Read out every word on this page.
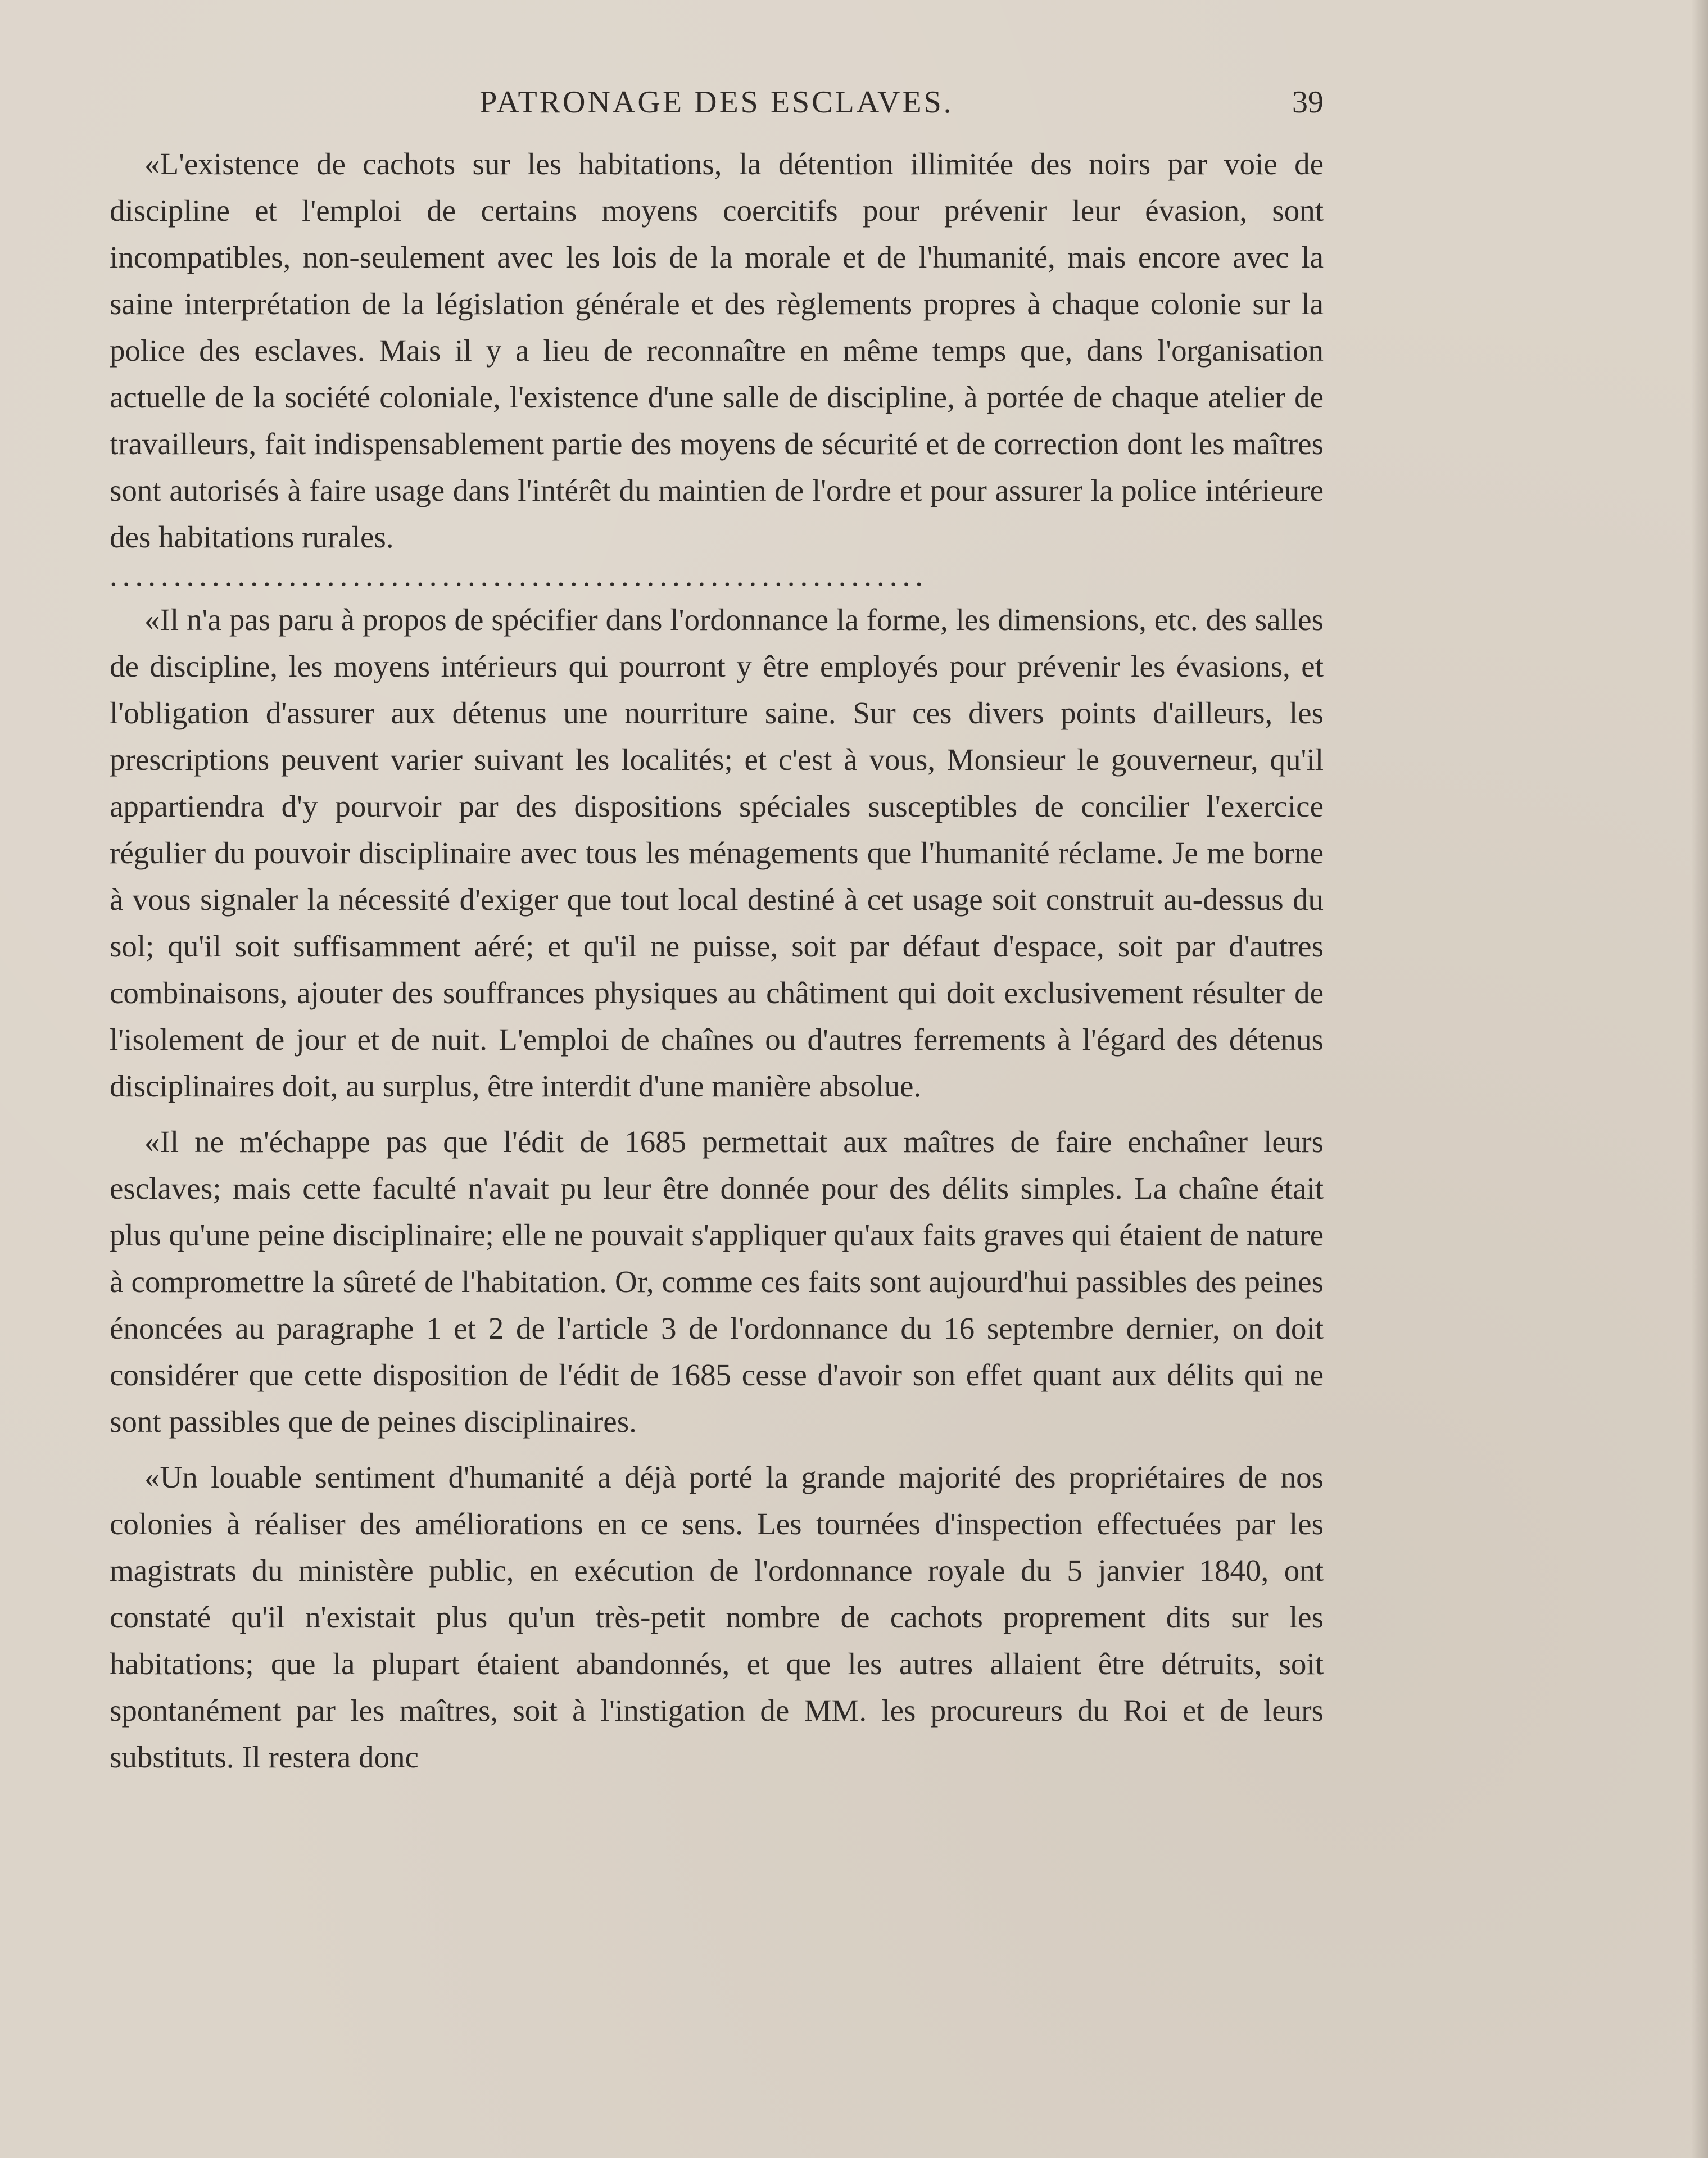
PATRONAGE DES ESCLAVES.	39

«L'existence de cachots sur les habitations, la détention illimitée des noirs par voie de discipline et l'emploi de certains moyens coercitifs pour prévenir leur évasion, sont incompatibles, non-seulement avec les lois de la morale et de l'humanité, mais encore avec la saine interprétation de la législation générale et des règlements propres à chaque colonie sur la police des esclaves. Mais il y a lieu de reconnaître en même temps que, dans l'organisation actuelle de la société coloniale, l'existence d'une salle de discipline, à portée de chaque atelier de travailleurs, fait indispensablement partie des moyens de sécurité et de correction dont les maîtres sont autorisés à faire usage dans l'intérêt du maintien de l'ordre et pour assurer la police intérieure des habitations rurales.

................................................................

«Il n'a pas paru à propos de spécifier dans l'ordonnance la forme, les dimensions, etc. des salles de discipline, les moyens intérieurs qui pourront y être employés pour prévenir les évasions, et l'obligation d'assurer aux détenus une nourriture saine. Sur ces divers points d'ailleurs, les prescriptions peuvent varier suivant les localités; et c'est à vous, Monsieur le gouverneur, qu'il appartiendra d'y pourvoir par des dispositions spéciales susceptibles de concilier l'exercice régulier du pouvoir disciplinaire avec tous les ménagements que l'humanité réclame. Je me borne à vous signaler la nécessité d'exiger que tout local destiné à cet usage soit construit au-dessus du sol; qu'il soit suffisamment aéré; et qu'il ne puisse, soit par défaut d'espace, soit par d'autres combinaisons, ajouter des souffrances physiques au châtiment qui doit exclusivement résulter de l'isolement de jour et de nuit. L'emploi de chaînes ou d'autres ferrements à l'égard des détenus disciplinaires doit, au surplus, être interdit d'une manière absolue.

«Il ne m'échappe pas que l'édit de 1685 permettait aux maîtres de faire enchaîner leurs esclaves; mais cette faculté n'avait pu leur être donnée pour des délits simples. La chaîne était plus qu'une peine disciplinaire; elle ne pouvait s'appliquer qu'aux faits graves qui étaient de nature à compromettre la sûreté de l'habitation. Or, comme ces faits sont aujourd'hui passibles des peines énoncées au paragraphe 1 et 2 de l'article 3 de l'ordonnance du 16 septembre dernier, on doit considérer que cette disposition de l'édit de 1685 cesse d'avoir son effet quant aux délits qui ne sont passibles que de peines disciplinaires.

«Un louable sentiment d'humanité a déjà porté la grande majorité des propriétaires de nos colonies à réaliser des améliorations en ce sens. Les tournées d'inspection effectuées par les magistrats du ministère public, en exécution de l'ordonnance royale du 5 janvier 1840, ont constaté qu'il n'existait plus qu'un très-petit nombre de cachots proprement dits sur les habitations; que la plupart étaient abandonnés, et que les autres allaient être détruits, soit spontanément par les maîtres, soit à l'instigation de MM. les procureurs du Roi et de leurs substituts. Il restera donc
